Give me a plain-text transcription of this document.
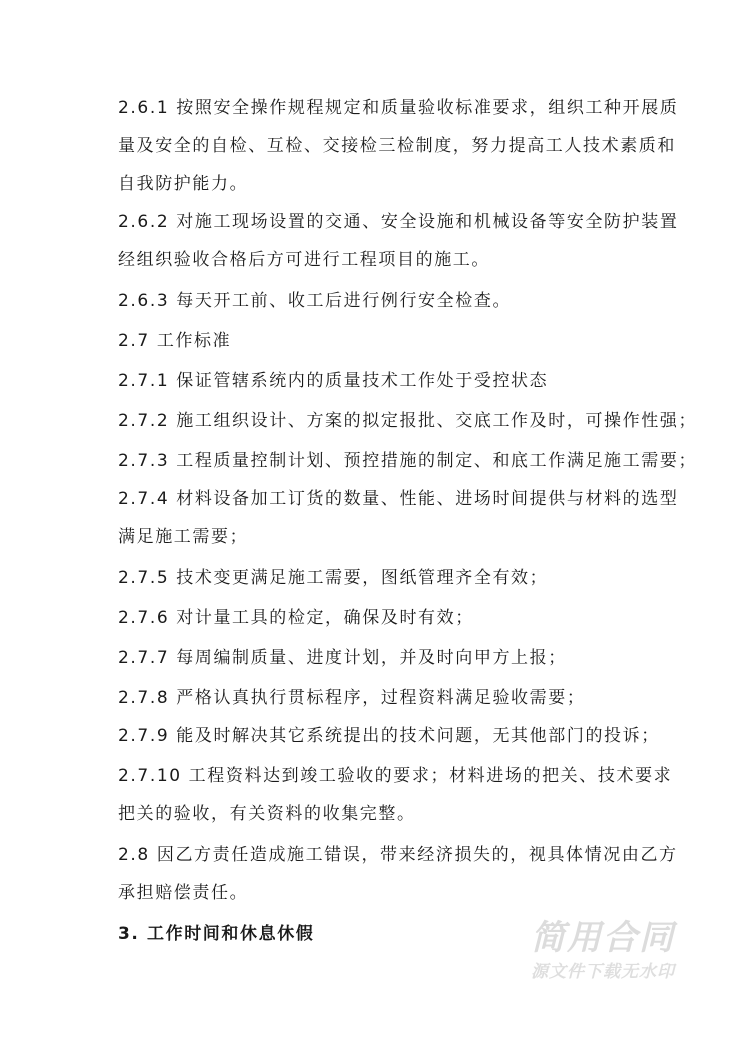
2.6.1 按照安全操作规程规定和质量验收标准要求，组织工种开展质
量及安全的自检、互检、交接检三检制度，努力提高工人技术素质和
自我防护能力。
2.6.2 对施工现场设置的交通、安全设施和机械设备等安全防护装置
经组织验收合格后方可进行工程项目的施工。
2.6.3 每天开工前、收工后进行例行安全检查。
2.7 工作标准
2.7.1 保证管辖系统内的质量技术工作处于受控状态
2.7.2 施工组织设计、方案的拟定报批、交底工作及时，可操作性强；
2.7.3 工程质量控制计划、预控措施的制定、和底工作满足施工需要；
2.7.4 材料设备加工订货的数量、性能、进场时间提供与材料的选型
满足施工需要；
2.7.5 技术变更满足施工需要，图纸管理齐全有效；
2.7.6 对计量工具的检定，确保及时有效；
2.7.7 每周编制质量、进度计划，并及时向甲方上报；
2.7.8 严格认真执行贯标程序，过程资料满足验收需要；
2.7.9 能及时解决其它系统提出的技术问题，无其他部门的投诉；
2.7.10 工程资料达到竣工验收的要求；材料进场的把关、技术要求
把关的验收，有关资料的收集完整。
2.8 因乙方责任造成施工错误，带来经济损失的，视具体情况由乙方
承担赔偿责任。
3. 工作时间和休息休假	简用合同
源文件下载无水印
